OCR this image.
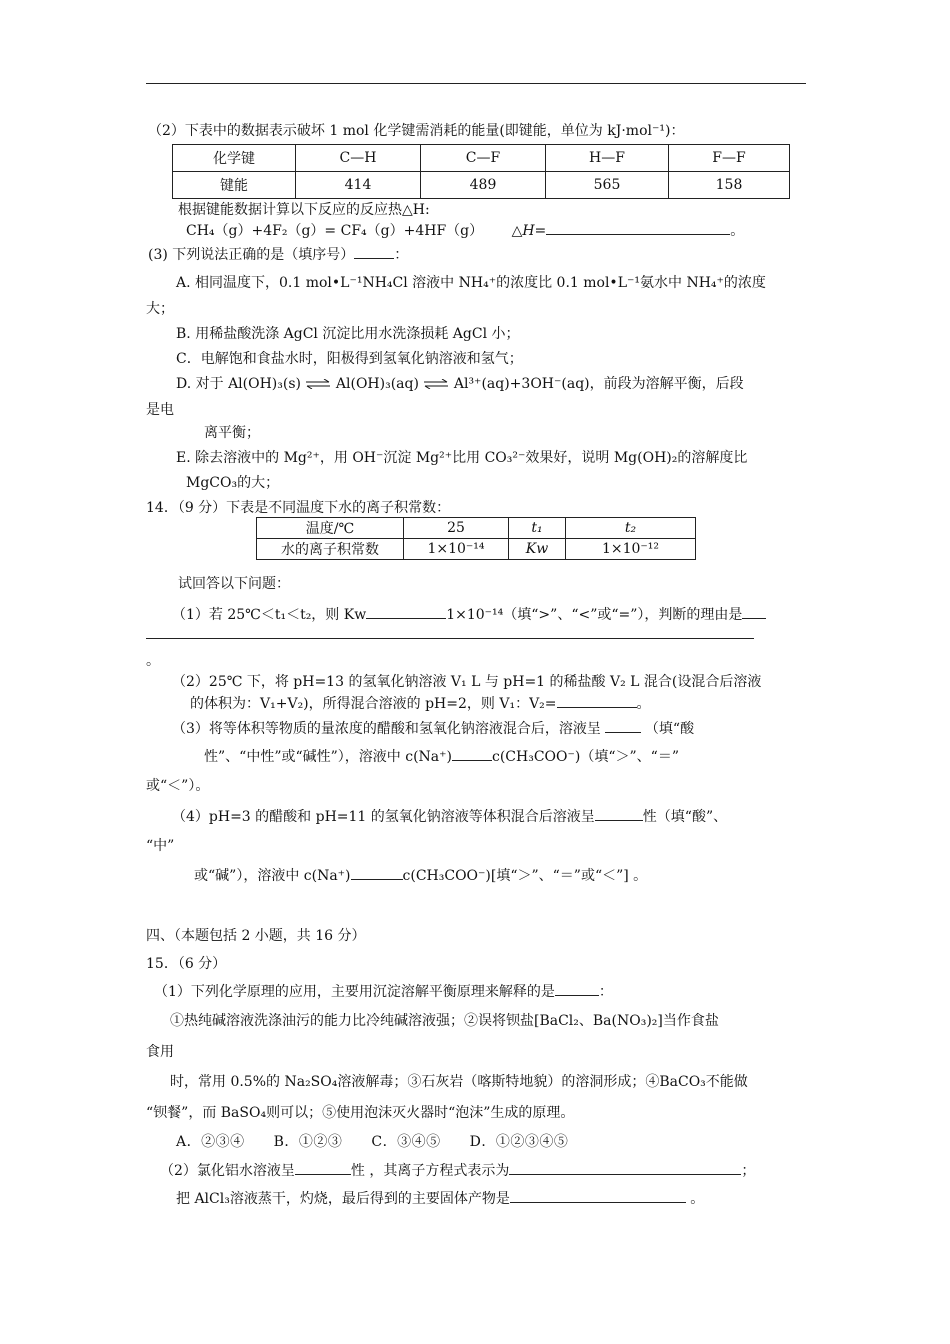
（2）下表中的数据表示破坏 1 mol 化学键需消耗的能量(即键能，单位为 kJ·mol⁻¹)：
化学键	C—H	C—F	H—F	F—F
键能	414	489	565	158
根据键能数据计算以下反应的反应热△H:
CH₄（g）+4F₂（g）= CF₄（g）+4HF（g） △H=	。
(3) 下列说法正确的是（填序号）	：
A. 相同温度下，0.1 mol•L⁻¹NH₄Cl 溶液中 NH₄⁺的浓度比 0.1 mol•L⁻¹氨水中 NH₄⁺的浓度
大；
B. 用稀盐酸洗涤 AgCl 沉淀比用水洗涤损耗 AgCl 小；
C．电解饱和食盐水时，阳极得到氢氧化钠溶液和氢气；
D. 对于 Al(OH)₃(s) ⇌ Al(OH)₃(aq) ⇌ Al³⁺(aq)+3OH⁻(aq)，前段为溶解平衡，后段
是电
离平衡；
E. 除去溶液中的 Mg²⁺，用 OH⁻沉淀 Mg²⁺比用 CO₃²⁻效果好，说明 Mg(OH)₂的溶解度比
MgCO₃的大；
14．（9 分）下表是不同温度下水的离子积常数：
温度/℃	25	t₁	t₂
水的离子积常数	1×10⁻¹⁴	Kw	1×10⁻¹²
试回答以下问题：
（1）若 25℃＜t₁＜t₂，则 Kw	1×10⁻¹⁴（填“>”、“<”或“=”），判断的理由是
。
（2）25℃ 下，将 pH=13 的氢氧化钠溶液 V₁ L 与 pH=1 的稀盐酸 V₂ L 混合(设混合后溶液
的体积为：V₁+V₂)，所得混合溶液的 pH=2，则 V₁：V₂=	。
（3）将等体积等物质的量浓度的醋酸和氢氧化钠溶液混合后，溶液呈	（填“酸
性”、“中性”或“碱性”），溶液中 c(Na⁺)	c(CH₃COO⁻)（填“＞”、“＝”
或“＜”）。
（4）pH=3 的醋酸和 pH=11 的氢氧化钠溶液等体积混合后溶液呈	性（填“酸”、
“中”
或“碱”），溶液中 c(Na⁺)	c(CH₃COO⁻)[填“＞”、“＝”或“＜”] 。
四、（本题包括 2 小题，共 16 分）
15．（6 分）
（1）下列化学原理的应用，主要用沉淀溶解平衡原理来解释的是	：
①热纯碱溶液洗涤油污的能力比冷纯碱溶液强；②误将钡盐[BaCl₂、Ba(NO₃)₂]当作食盐
食用
时，常用 0.5%的 Na₂SO₄溶液解毒；③石灰岩（喀斯特地貌）的溶洞形成；④BaCO₃不能做
“钡餐”，而 BaSO₄则可以；⑤使用泡沫灭火器时“泡沫”生成的原理。
A．②③④　　B．①②③　　C．③④⑤　　D．①②③④⑤
（2）氯化铝水溶液呈	性 ，其离子方程式表示为	；
把 AlCl₃溶液蒸干，灼烧，最后得到的主要固体产物是	。
